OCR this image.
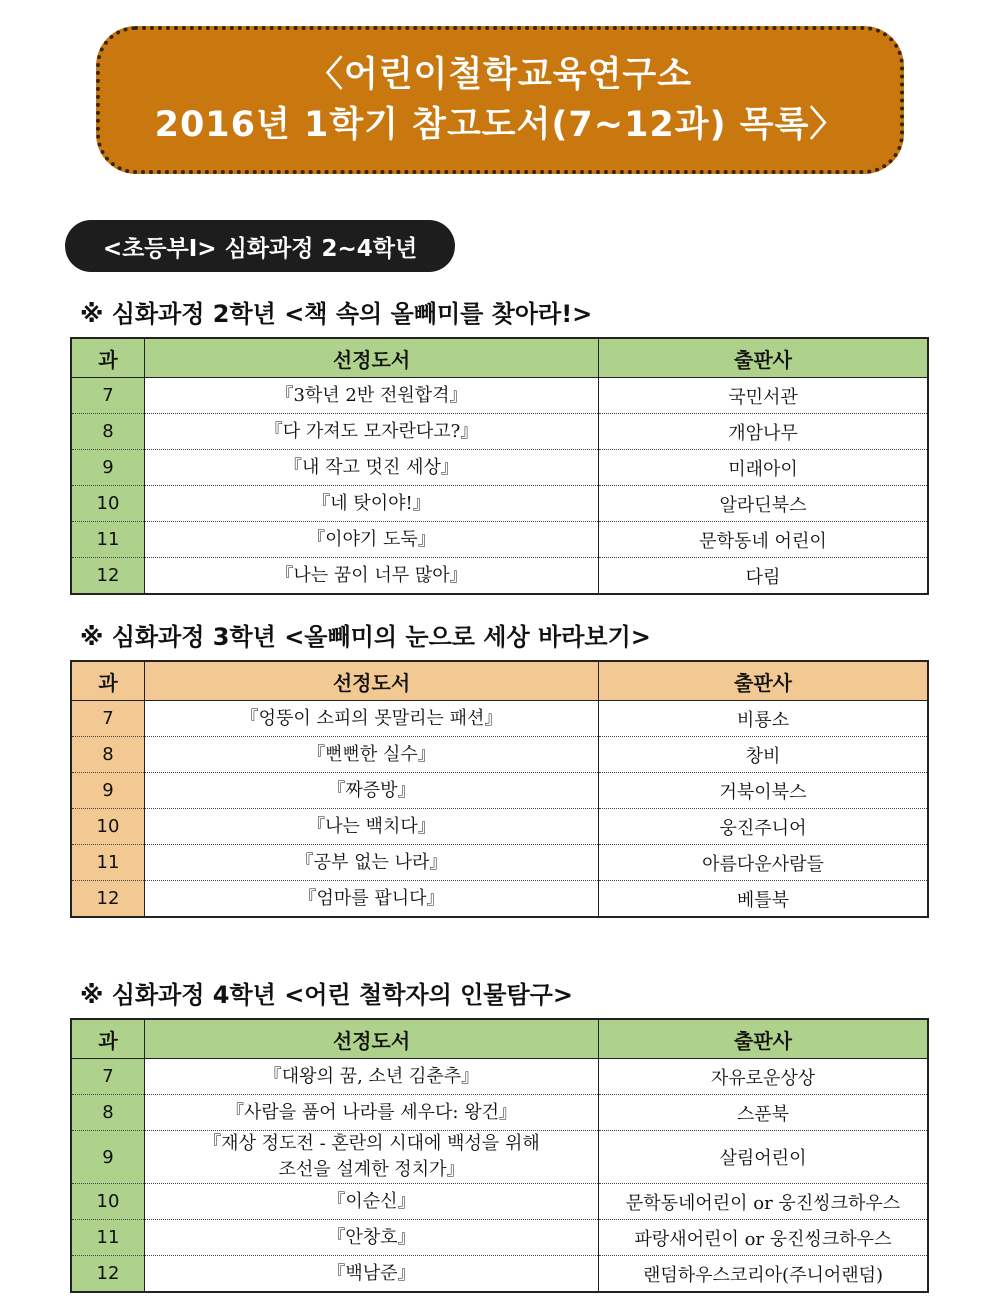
〈어린이철학교육연구소
2016년 1학기 참고도서(7~12과) 목록〉
<초등부Ⅰ> 심화과정 2~4학년
※ 심화과정 2학년 <책 속의 올빼미를 찾아라!>
과	선정도서	출판사
7	『3학년 2반 전원합격』	국민서관
8	『다 가져도 모자란다고?』	개암나무
9	『내 작고 멋진 세상』	미래아이
10	『네 탓이야!』	알라딘북스
11	『이야기 도둑』	문학동네 어린이
12	『나는 꿈이 너무 많아』	다림
※ 심화과정 3학년 <올빼미의 눈으로 세상 바라보기>
과	선정도서	출판사
7	『엉뚱이 소피의 못말리는 패션』	비룡소
8	『뻔뻔한 실수』	창비
9	『짜증방』	거북이북스
10	『나는 백치다』	웅진주니어
11	『공부 없는 나라』	아름다운사람들
12	『엄마를 팝니다』	베틀북
※ 심화과정 4학년 <어린 철학자의 인물탐구>
과	선정도서	출판사
7	『대왕의 꿈, 소년 김춘추』	자유로운상상
8	『사람을 품어 나라를 세우다: 왕건』	스푼북
9	『재상 정도전 - 혼란의 시대에 백성을 위해
조선을 설계한 정치가』	살림어린이
10	『이순신』	문학동네어린이 or 웅진씽크하우스
11	『안창호』	파랑새어린이 or 웅진씽크하우스
12	『백남준』	랜덤하우스코리아(주니어랜덤)
